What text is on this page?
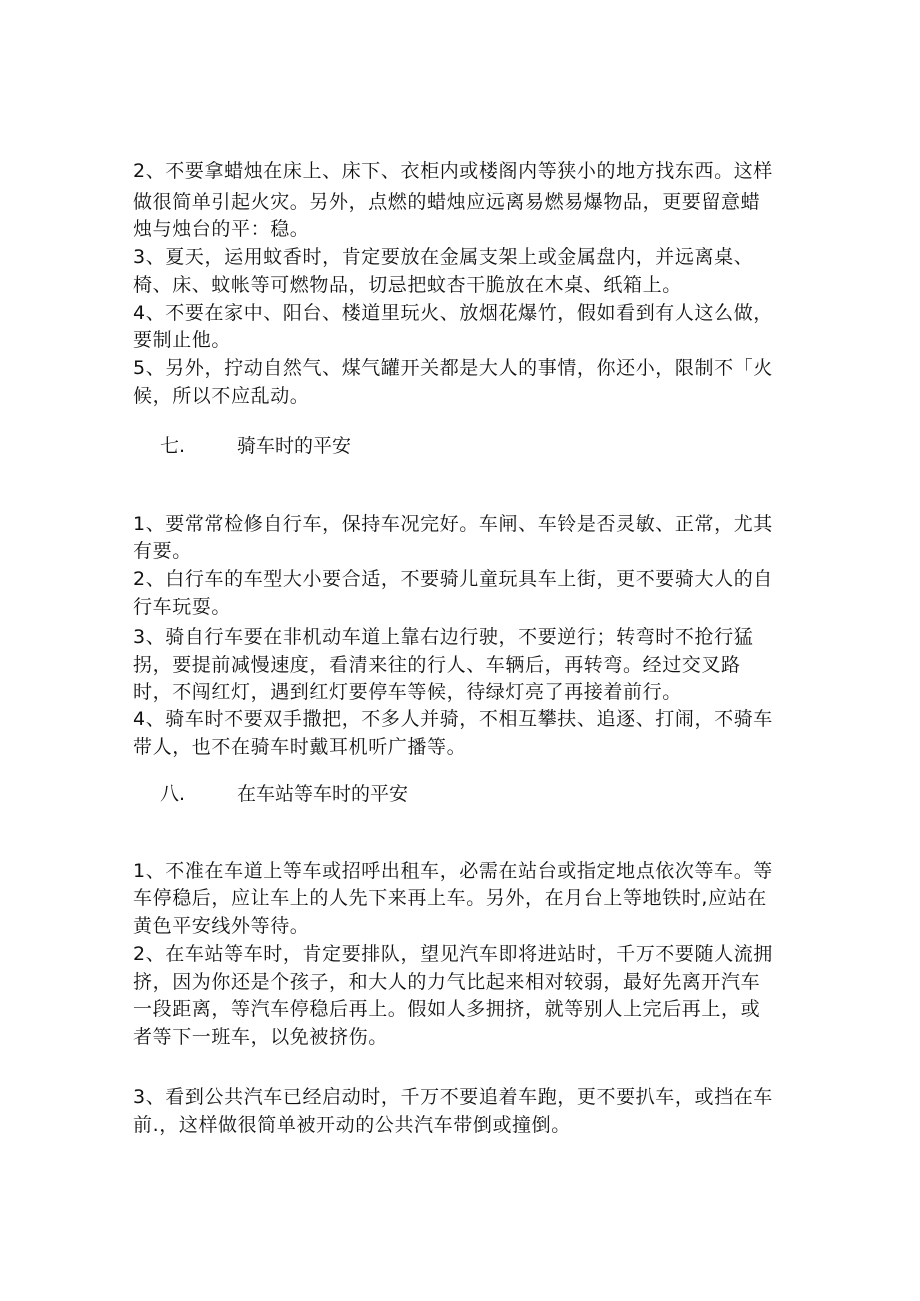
2、不要拿蜡烛在床上、床下、衣柜内或楼阁内等狭小的地方找东西。这样
做很简单引起火灾。另外，点燃的蜡烛应远离易燃易爆物品，更要留意蜡
烛与烛台的平：稳。
3、夏天，运用蚊香时，肯定要放在金属支架上或金属盘内，并远离桌、
椅、床、蚊帐等可燃物品，切忌把蚊杏干脆放在木桌、纸箱上。
4、不要在家中、阳台、楼道里玩火、放烟花爆竹，假如看到有人这么做，
要制止他。
5、另外，拧动自然气、煤气罐开关都是大人的事情，你还小，限制不「火
候，所以不应乱动。
七.	骑车时的平安
1、要常常检修自行车，保持车况完好。车闸、车铃是否灵敏、正常，尤其
有要。
2、白行车的车型大小要合适，不要骑儿童玩具车上街，更不要骑大人的自
行车玩耍。
3、骑自行车要在非机动车道上靠右边行驶，不要逆行；转弯时不抢行猛
拐，要提前减慢速度，看清来往的行人、车辆后，再转弯。经过交叉路
时，不闯红灯，遇到红灯要停车等候，待绿灯亮了再接着前行。
4、骑车时不要双手撒把，不多人并骑，不相互攀扶、追逐、打闹，不骑车
带人，也不在骑车时戴耳机听广播等。
八.	在车站等车时的平安
1、不准在车道上等车或招呼出租车，必需在站台或指定地点依次等车。等
车停稳后，应让车上的人先下来再上车。另外，在月台上等地铁时,应站在
黄色平安线外等待。
2、在车站等车时，肯定要排队，望见汽车即将进站时，千万不要随人流拥
挤，因为你还是个孩子，和大人的力气比起来相对较弱，最好先离开汽车
一段距离，等汽车停稳后再上。假如人多拥挤，就等别人上完后再上，或
者等下一班车，以免被挤伤。
3、看到公共汽车已经启动时，千万不要追着车跑，更不要扒车，或挡在车
前.，这样做很简单被开动的公共汽车带倒或撞倒。
